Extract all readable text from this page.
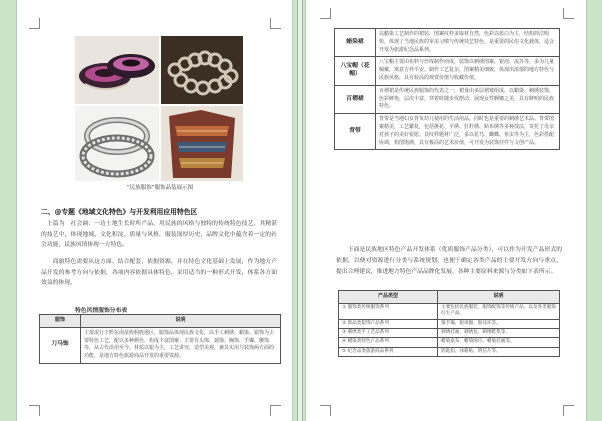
“民族服饰”服饰品装展示图
二、@专题《地域文化特色》与开发利用应用特色区
　上篇为　社会调：一边土地生长时所产品，用民族的风格与独特的传统特色技艺，其精湛的技艺中，体现地域、文化积淀、质量与风格，服装深厚历史，品牌文化中蕴含着一定的社会功能，民族风情体现一方特色。
　　商旅特色需要从这方面、结合配套，依据资源，并在特色文化基础上发展，作为地方产品开发的参考方向与依据，各项内容依据具体特色，采用适当的一种形式开发，体系各方面效益的体现。
特色风情服饰分布表
服饰	说明
刀马饰	主要流行于黔东南苗族侗族地区，服饰品体现民族文化，以手工刺绣、蜡染、银饰为主要特色工艺，配以多种颜色，构成丰富图案；主要有头饰、颈饰、胸饰、手镯、腰饰等，从古代沿用至今。材质以银为主，工艺讲究，造型美观，兼具实用与装饰两方面的功能，是地方特色旅游商品开发的重要资源。
蜡染裙	以蜡染工艺制作的裙装，图案纹样多取材自然，色彩以蓝白为主，结构简洁明快，体现了当地民族的审美习惯与传统技艺特色，是重要的民俗文化载体，适合开发为旅游纪念品系列。
八宝帽（花帽）	八宝帽主要由布料与丝线制作而成，装饰以刺绣图案、银泡、流苏等，多为儿童佩戴，寓意吉祥平安。制作工艺复杂，图案精美细致，体现出浓郁的地方特色与民族风格，具有较高的观赏价值与收藏价值。
百褶裙	百褶裙是传统民族服饰的代表之一，裙身由多层褶皱组成，以蜡染、刺绣装饰，色彩鲜艳，层次丰富，穿着时随步伐摆动，展现女性婀娜之美，具有鲜明的民族特色。
背带	背带是当地妇女背负幼儿使用的生活用品，同时也是重要的刺绣艺术品。背带图案精美，工艺繁复，包括挑花、平绣、打籽绣、贴布绣等多种技法，寄托了母亲对孩子的美好祝愿。其纹样题材广泛，多以花鸟、蝴蝶、鱼虫等为主，色彩搭配协调，构图饱满，具有极高的艺术价值，可开发为装饰挂件与文创产品。
　　下面是民族地区特色产品开发体系（优质服饰产品分类），可以作为开发产品形式的依据，以便对资源进行分类与系统规划，也便于确定各类产品的主要开发方向与重点，提出合理建议，推进地方特色产品品牌化发展，各种主要原料来源与分类如下表所示。
产品类型	说明
① 服饰类传统服饰系列	主要包括民族服装，服饰配饰等传统产品，以及各类服饰衍生产品。
② 饰品类银饰产品系列	银手镯、银项圈、银耳环等。
③ 刺绣类手工艺品系列	刺绣挂画、刺绣包、刺绣鞋垫等。
④ 蜡染类特色产品系列	蜡染桌布、蜡染围巾、蜡染挂画等。
⑤ 纪念品类旅游商品系列	钥匙扣、冰箱贴、明信片等。
